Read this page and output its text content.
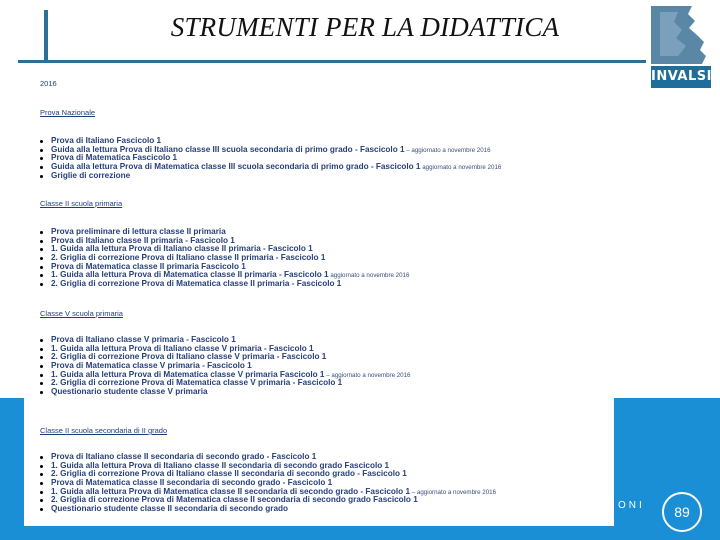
ONI	89
STRUMENTI PER LA DIDATTICA
INVALSI
2016
Prova Nazionale
Prova di Italiano Fascicolo 1
Guida alla lettura Prova di Italiano classe III scuola secondaria di primo grado - Fascicolo 1 – aggiornato a novembre 2016
Prova di Matematica Fascicolo 1
Guida alla lettura Prova di Matematica classe III scuola secondaria di primo grado - Fascicolo 1 aggiornato a novembre 2016
Griglie di correzione
Classe II scuola primaria
Prova preliminare di lettura classe II primaria
Prova di Italiano classe II primaria - Fascicolo 1
1. Guida alla lettura Prova di Italiano classe II primaria - Fascicolo 1
2. Griglia di correzione Prova di Italiano classe II primaria - Fascicolo 1
Prova di Matematica classe II primaria Fascicolo 1
1. Guida alla lettura Prova di Matematica classe II primaria - Fascicolo 1 aggiornato a novembre 2016
2. Griglia di correzione Prova di Matematica classe II primaria - Fascicolo 1
Classe V scuola primaria
Prova di Italiano classe V primaria - Fascicolo 1
1. Guida alla lettura Prova di Italiano classe V primaria - Fascicolo 1
2. Griglia di correzione Prova di Italiano classe V primaria - Fascicolo 1
Prova di Matematica classe V primaria - Fascicolo 1
1. Guida alla lettura Prova di Matematica classe V primaria Fascicolo 1 – aggiornato a novembre 2016
2. Griglia di correzione Prova di Matematica classe V primaria - Fascicolo 1
Questionario studente classe V primaria
Classe II scuola secondaria di II grado
Prova di Italiano classe II secondaria di secondo grado - Fascicolo 1
1. Guida alla lettura Prova di Italiano classe II secondaria di secondo grado Fascicolo 1
2. Griglia di correzione Prova di Italiano classe II secondaria di secondo grado - Fascicolo 1
Prova di Matematica classe II secondaria di secondo grado - Fascicolo 1
1. Guida alla lettura Prova di Matematica classe II secondaria di secondo grado - Fascicolo 1 – aggiornato a novembre 2016
2. Griglia di correzione Prova di Matematica classe II secondaria di secondo grado Fascicolo 1
Questionario studente classe II secondaria di secondo grado
